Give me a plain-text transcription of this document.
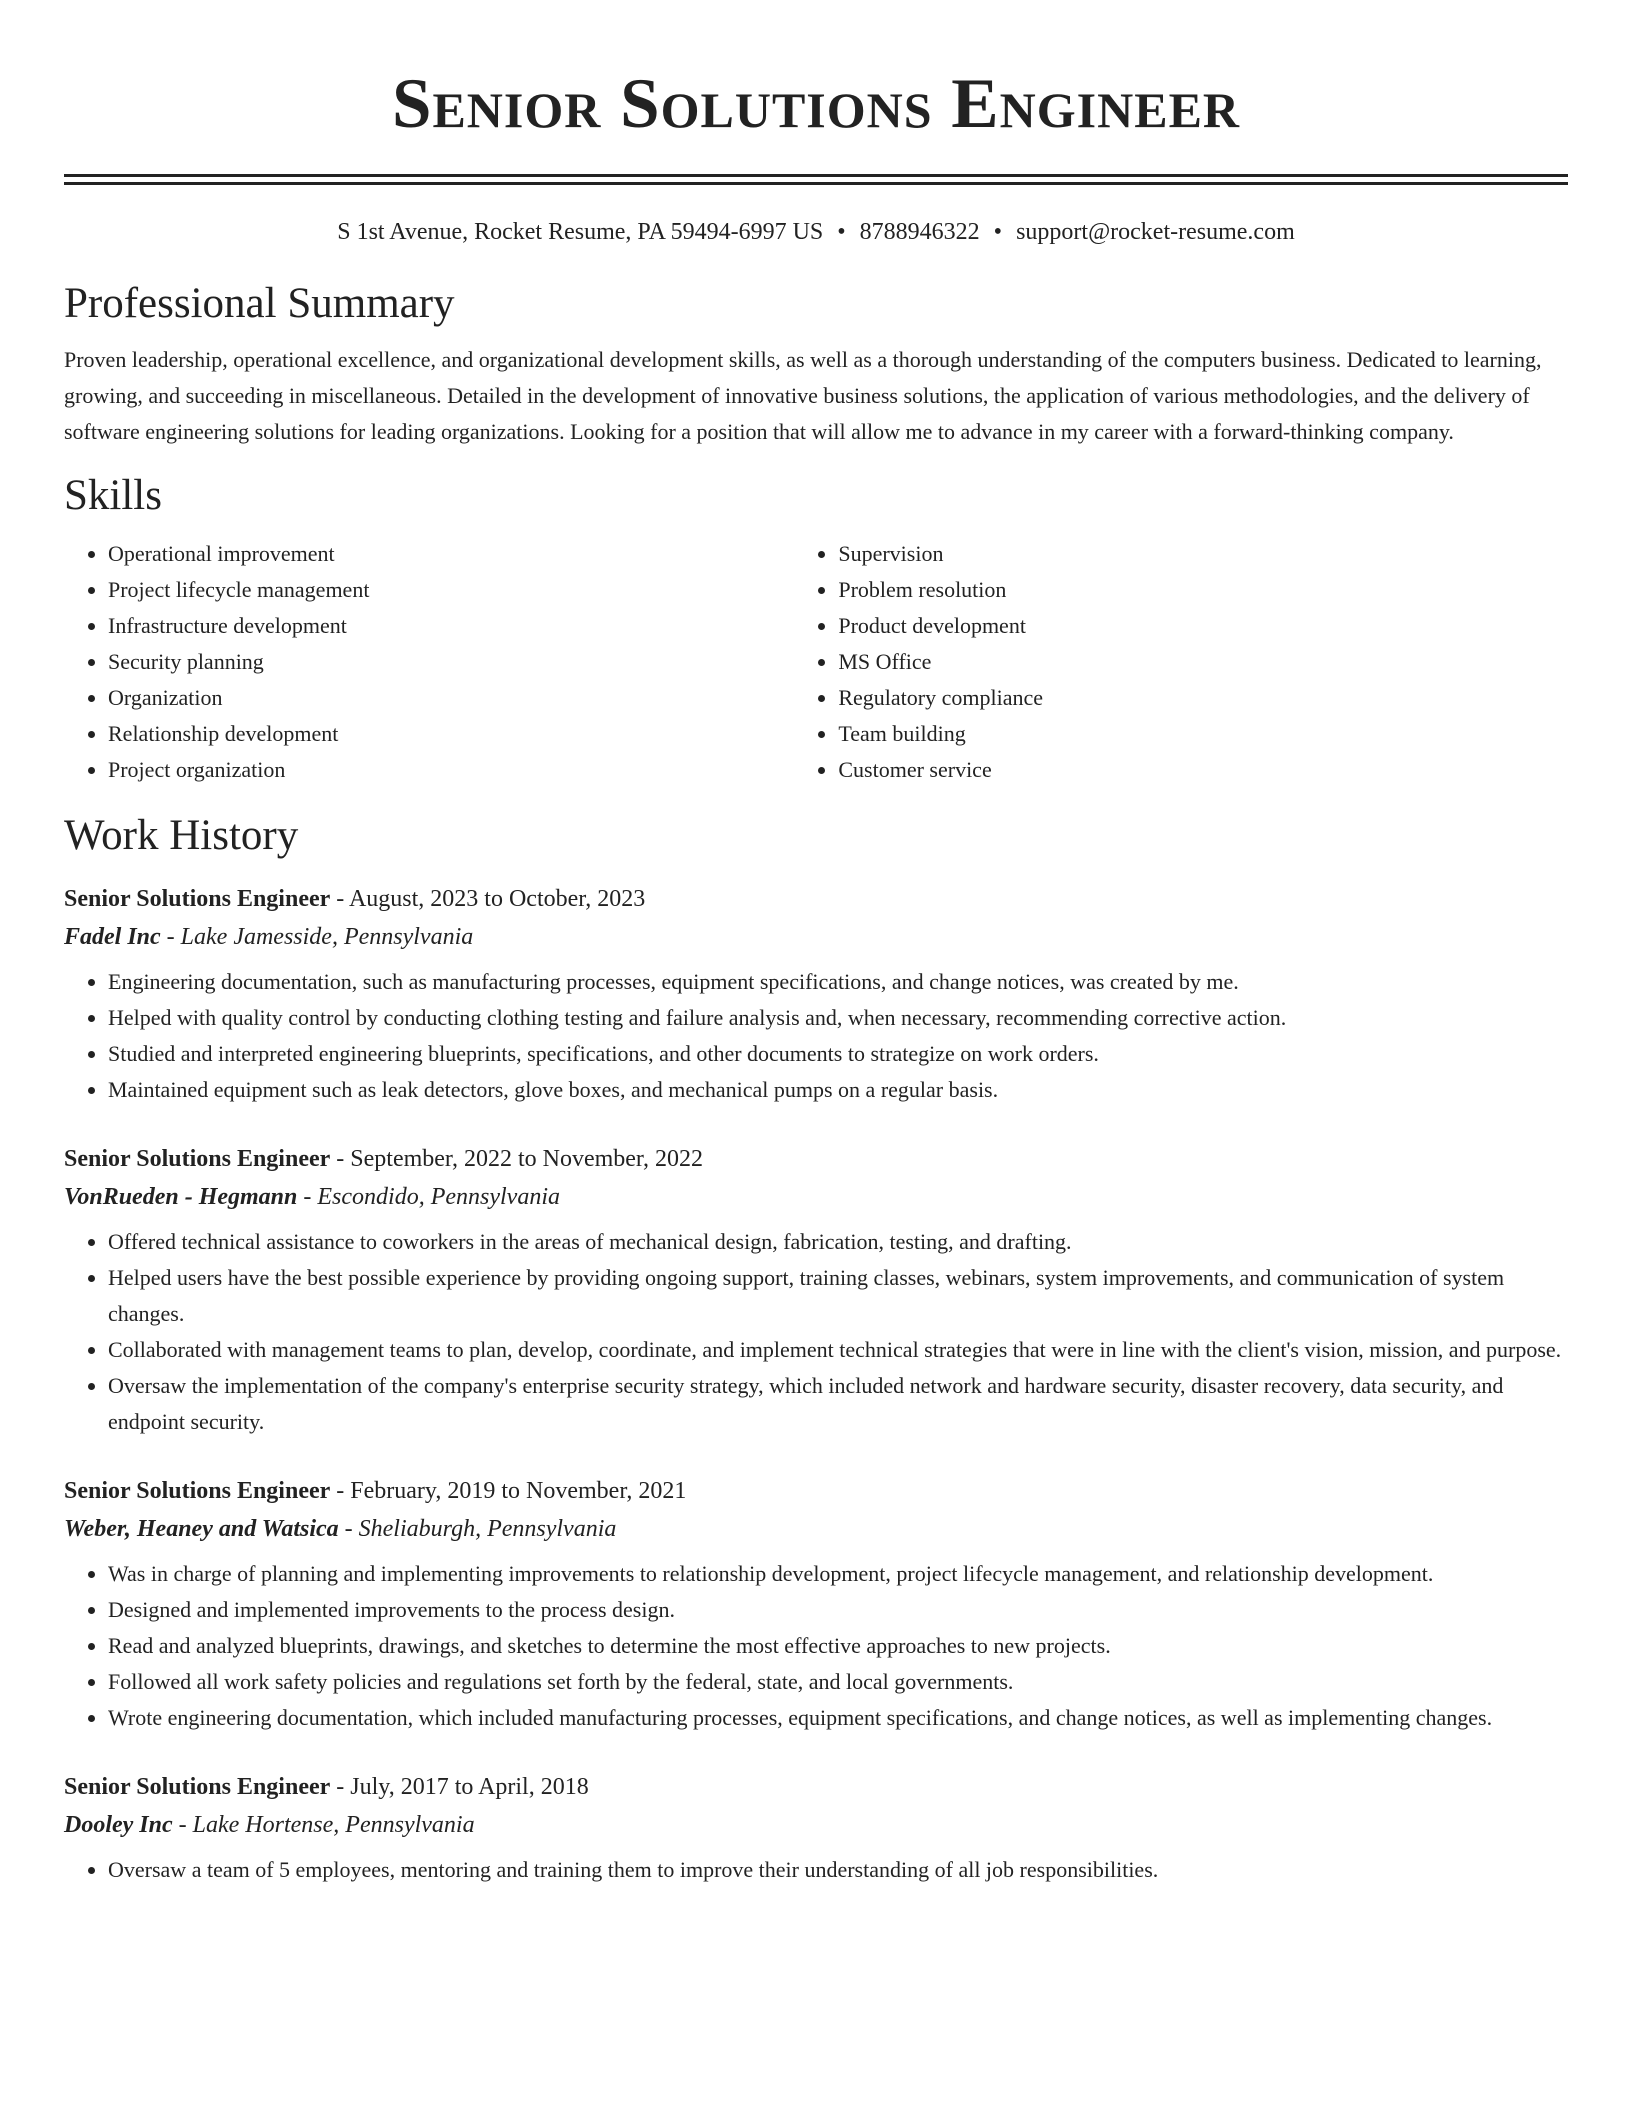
Senior Solutions Engineer
S 1st Avenue, Rocket Resume, PA 59494-6997 US • 8788946322 • support@rocket-resume.com
Professional Summary
Proven leadership, operational excellence, and organizational development skills, as well as a thorough understanding of the computers business. Dedicated to learning, growing, and succeeding in miscellaneous. Detailed in the development of innovative business solutions, the application of various methodologies, and the delivery of software engineering solutions for leading organizations. Looking for a position that will allow me to advance in my career with a forward-thinking company.
Skills
• Operational improvement
• Project lifecycle management
• Infrastructure development
• Security planning
• Organization
• Relationship development
• Project organization
• Supervision
• Problem resolution
• Product development
• MS Office
• Regulatory compliance
• Team building
• Customer service
Work History
Senior Solutions Engineer - August, 2023 to October, 2023
Fadel Inc - Lake Jamesside, Pennsylvania
• Engineering documentation, such as manufacturing processes, equipment specifications, and change notices, was created by me.
• Helped with quality control by conducting clothing testing and failure analysis and, when necessary, recommending corrective action.
• Studied and interpreted engineering blueprints, specifications, and other documents to strategize on work orders.
• Maintained equipment such as leak detectors, glove boxes, and mechanical pumps on a regular basis.
Senior Solutions Engineer - September, 2022 to November, 2022
VonRueden - Hegmann - Escondido, Pennsylvania
• Offered technical assistance to coworkers in the areas of mechanical design, fabrication, testing, and drafting.
• Helped users have the best possible experience by providing ongoing support, training classes, webinars, system improvements, and communication of system changes.
• Collaborated with management teams to plan, develop, coordinate, and implement technical strategies that were in line with the client's vision, mission, and purpose.
• Oversaw the implementation of the company's enterprise security strategy, which included network and hardware security, disaster recovery, data security, and endpoint security.
Senior Solutions Engineer - February, 2019 to November, 2021
Weber, Heaney and Watsica - Sheliaburgh, Pennsylvania
• Was in charge of planning and implementing improvements to relationship development, project lifecycle management, and relationship development.
• Designed and implemented improvements to the process design.
• Read and analyzed blueprints, drawings, and sketches to determine the most effective approaches to new projects.
• Followed all work safety policies and regulations set forth by the federal, state, and local governments.
• Wrote engineering documentation, which included manufacturing processes, equipment specifications, and change notices, as well as implementing changes.
Senior Solutions Engineer - July, 2017 to April, 2018
Dooley Inc - Lake Hortense, Pennsylvania
• Oversaw a team of 5 employees, mentoring and training them to improve their understanding of all job responsibilities.
